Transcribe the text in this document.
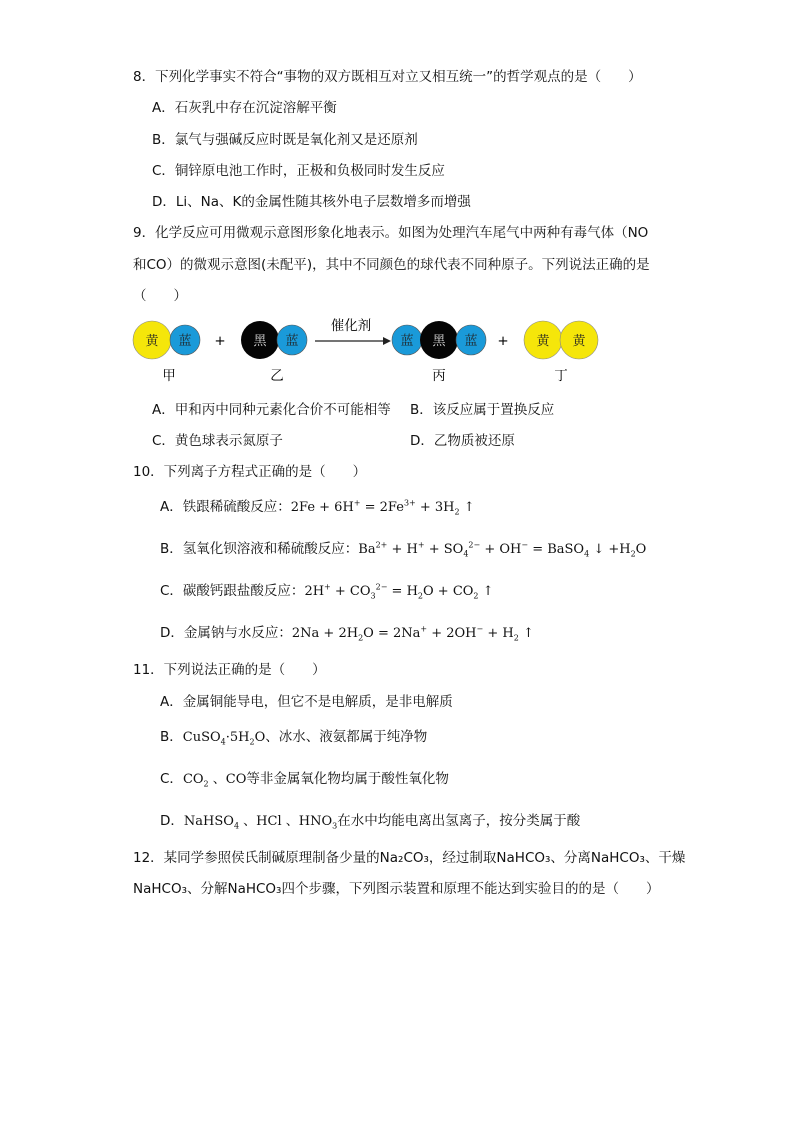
8．下列化学事实不符合“事物的双方既相互对立又相互统一”的哲学观点的是（　　）
A．石灰乳中存在沉淀溶解平衡
B．氯气与强碱反应时既是氧化剂又是还原剂
C．铜锌原电池工作时，正极和负极同时发生反应
D．Li、Na、K的金属性随其核外电子层数增多而增强
9．化学反应可用微观示意图形象化地表示。如图为处理汽车尾气中两种有毒气体（NO
和CO）的微观示意图(未配平)，其中不同颜色的球代表不同种原子。下列说法正确的是
（　　）
黄 蓝 + 黑 蓝
催化剂
蓝 黑 蓝 + 黄 黄
甲	乙	丙	丁
A．甲和丙中同种元素化合价不可能相等 B．该反应属于置换反应
C．黄色球表示氮原子	D．乙物质被还原
10．下列离子方程式正确的是（　　）
A．铁跟稀硫酸反应：$2Fe + 6H^+ = 2Fe^{3+} + 3H_2$ ↑
B．氢氧化钡溶液和稀硫酸反应：$Ba^{2+} + H^+ + SO_4^{2-} + OH^-$ = BaSO$_4$ ↓ $+H_2O$
C．碳酸钙跟盐酸反应：$2H^+ + CO_3^{2-} = H_2O + CO_2$ ↑
D．金属钠与水反应：$2Na + 2H_2O = 2Na^+ + 2OH^- + H_2$ ↑
11．下列说法正确的是（　　）
A．金属铜能导电，但它不是电解质，是非电解质
B．$CuSO_4\cdot 5H_2O$、冰水、液氨都属于纯净物
C．$CO_2$ 、CO等非金属氧化物均属于酸性氧化物
D．NaHSO$_4$ 、HCl 、$HNO_3$在水中均能电离出氢离子，按分类属于酸
12．某同学参照侯氏制碱原理制备少量的Na₂CO₃，经过制取NaHCO₃、分离NaHCO₃、干燥
NaHCO₃、分解NaHCO₃四个步骤，下列图示装置和原理不能达到实验目的的是（　　）
